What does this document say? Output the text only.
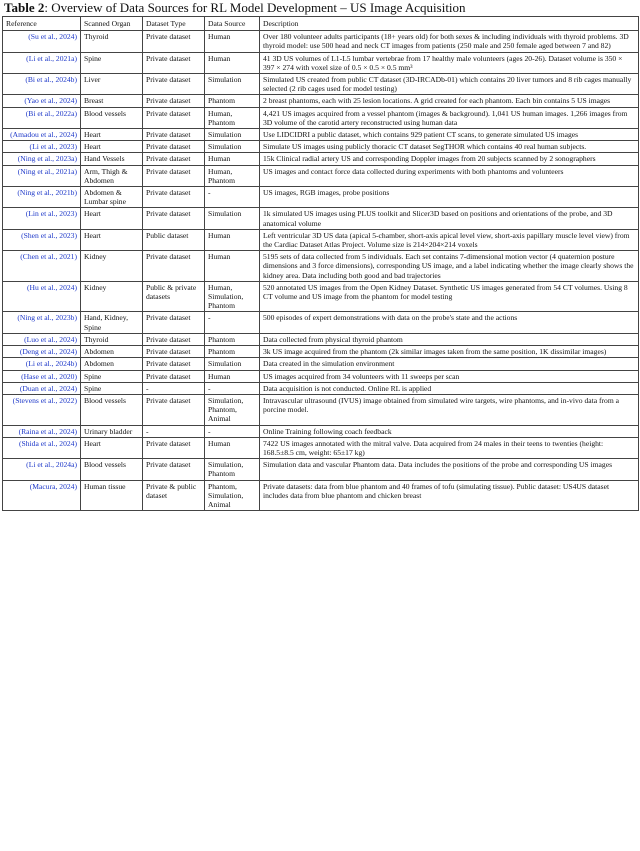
Table 2: Overview of Data Sources for RL Model Development – US Image Acquisition
Reference	Scanned Organ	Dataset Type	Data Source	Description

(Su et al., 2024)	Thyroid	Private dataset	Human	Over 180 volunteer adults participants (18+ years old) for both sexes & including individuals with thyroid problems. 3D thyroid model: use 500 head and neck CT images from patients (250 male and 250 female aged between 7 and 82)

(Li et al., 2021a)	Spine	Private dataset	Human	41 3D US volumes of L1-L5 lumbar vertebrae from 17 healthy male volunteers (ages 20-26). Dataset volume is 350 × 397 × 274 with voxel size of 0.5 × 0.5 × 0.5 mm³

(Bi et al., 2024b)	Liver	Private dataset	Simulation	Simulated US created from public CT dataset (3D-IRCADb-01) which contains 20 liver tumors and 8 rib cages manually selected (2 rib cages used for model testing)

(Yao et al., 2024)	Breast	Private dataset	Phantom	2 breast phantoms, each with 25 lesion locations. A grid created for each phantom. Each bin contains 5 US images

(Bi et al., 2022a)	Blood vessels	Private dataset	Human, Phantom	4,421 US images acquired from a vessel phantom (images & background). 1,041 US human images. 1,266 images from 3D volume of the carotid artery reconstructed using human data

(Amadou et al., 2024)	Heart	Private dataset	Simulation	Use LIDCIDRI a public dataset, which contains 929 patient CT scans, to generate simulated US images

(Li et al., 2023)	Heart	Private dataset	Simulation	Simulate US images using publicly thoracic CT dataset SegTHOR which contains 40 real human subjects.

(Ning et al., 2023a)	Hand Vessels	Private dataset	Human	15k Clinical radial artery US and corresponding Doppler images from 20 subjects scanned by 2 sonographers

(Ning et al., 2021a)	Arm, Thigh & Abdomen	Private dataset	Human, Phantom	US images and contact force data collected during experiments with both phantoms and volunteers

(Ning et al., 2021b)	Abdomen & Lumbar spine	Private dataset	-	US images, RGB images, probe positions

(Lin et al., 2023)	Heart	Private dataset	Simulation	1k simulated US images using PLUS toolkit and Slicer3D based on positions and orientations of the probe, and 3D anatomical volume

(Shen et al., 2023)	Heart	Public dataset	Human	Left ventricular 3D US data (apical 5-chamber, short-axis apical level view, short-axis papillary muscle level view) from the Cardiac Dataset Atlas Project. Volume size is 214×204×214 voxels

(Chen et al., 2021)	Kidney	Private dataset	Human	5195 sets of data collected from 5 individuals. Each set contains 7-dimensional motion vector (4 quaternion posture dimensions and 3 force dimensions), corresponding US image, and a label indicating whether the image clearly shows the kidney area. Data including both good and bad trajectories

(Hu et al., 2024)	Kidney	Public & private datasets	Human, Simulation, Phantom	520 annotated US images from the Open Kidney Dataset. Synthetic US images generated from 54 CT volumes. Using 8 CT volume and US image from the phantom for model testing

(Ning et al., 2023b)	Hand, Kidney, Spine	Private dataset	-	500 episodes of expert demonstrations with data on the probe's state and the actions

(Luo et al., 2024)	Thyroid	Private dataset	Phantom	Data collected from physical thyroid phantom

(Deng et al., 2024)	Abdomen	Private dataset	Phantom	3k US image acquired from the phantom (2k similar images taken from the same position, 1K dissimilar images)

(Li et al., 2024b)	Abdomen	Private dataset	Simulation	Data created in the simulation environment

(Hase et al., 2020)	Spine	Private dataset	Human	US images acquired from 34 volunteers with 11 sweeps per scan

(Duan et al., 2024)	Spine	-	-	Data acquisition is not conducted. Online RL is applied

(Stevens et al., 2022)	Blood vessels	Private dataset	Simulation, Phantom, Animal	Intravascular ultrasound (IVUS) image obtained from simulated wire targets, wire phantoms, and in-vivo data from a porcine model.

(Raina et al., 2024)	Urinary bladder	-	-	Online Training following coach feedback

(Shida et al., 2024)	Heart	Private dataset	Human	7422 US images annotated with the mitral valve. Data acquired from 24 males in their teens to twenties (height: 168.5±8.5 cm, weight: 65±17 kg)

(Li et al., 2024a)	Blood vessels	Private dataset	Simulation, Phantom	Simulation data and vascular Phantom data. Data includes the positions of the probe and corresponding US images

(Macura, 2024)	Human tissue	Private & public dataset	Phantom, Simulation, Animal	Private datasets: data from blue phantom and 40 frames of tofu (simulating tissue). Public dataset: US4US dataset includes data from blue phantom and chicken breast
